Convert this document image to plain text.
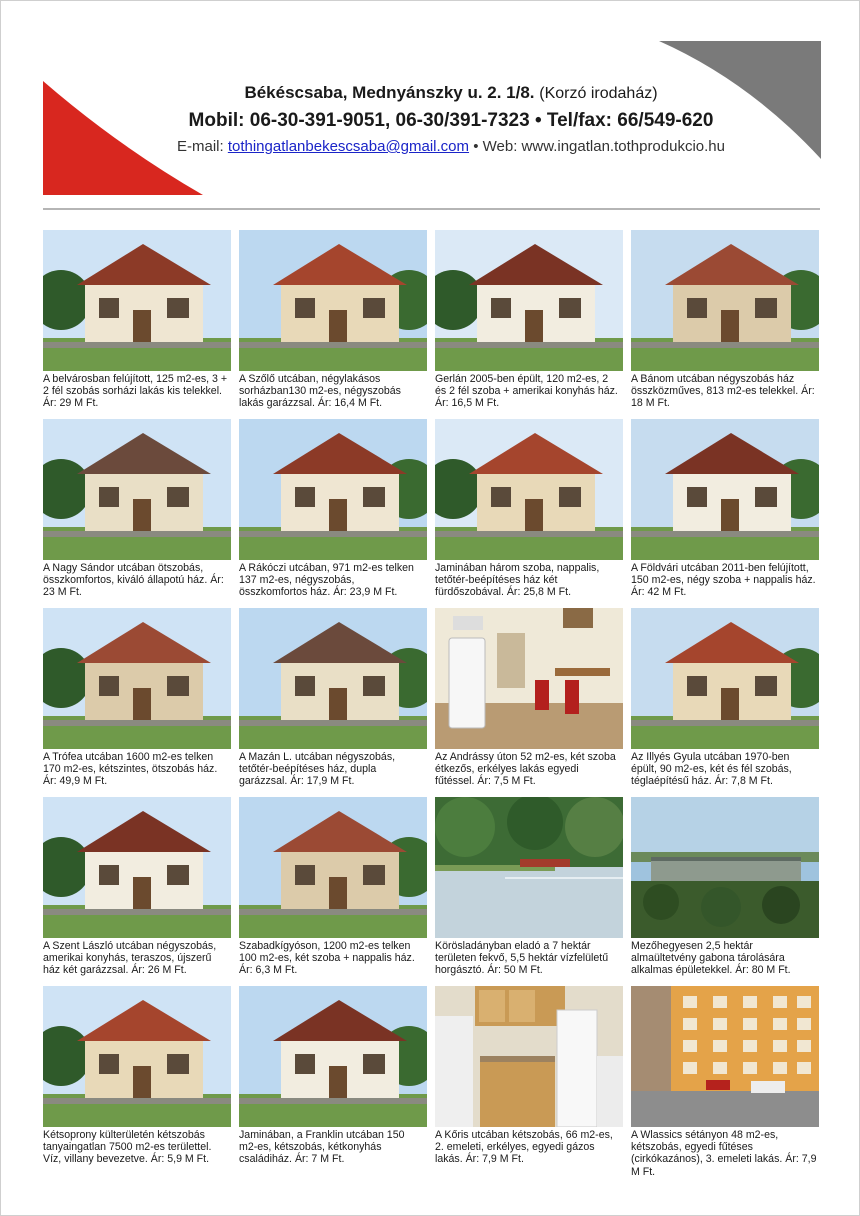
Békéscsaba, Mednyánszky u. 2. 1/8. (Korzó irodaház)
Mobil: 06-30-391-9051, 06-30/391-7323 • Tel/fax: 66/549-620
E-mail: tothingatlanbekescsaba@gmail.com • Web: www.ingatlan.tothprodukcio.hu
A belvárosban felújított, 125 m2-es, 3 + 2 fél szobás sorházi lakás kis telekkel. Ár: 29 M Ft.
A Szőlő utcában, négylakásos sorházban130 m2-es, négyszobás lakás garázzsal. Ár: 16,4 M Ft.
Gerlán 2005-ben épült, 120 m2-es, 2 és 2 fél szoba + amerikai konyhás ház. Ár: 16,5 M Ft.
A Bánom utcában négyszobás ház összközműves, 813 m2-es telekkel. Ár: 18 M Ft.
A Nagy Sándor utcában ötszobás, összkomfortos, kiváló állapotú ház. Ár: 23 M Ft.
A Rákóczi utcában, 971 m2-es telken 137 m2-es, négyszobás, összkomfortos ház. Ár: 23,9 M Ft.
Jaminában három szoba, nappalis, tetőtér-beépítéses ház két fürdőszobával. Ár: 25,8 M Ft.
A Földvári utcában 2011-ben felújított, 150 m2-es, négy szoba + nappalis ház. Ár: 42 M Ft.
A Trófea utcában 1600 m2-es telken 170 m2-es, kétszintes, ötszobás ház. Ár: 49,9 M Ft.
A Mazán L. utcában négyszobás, tetőtér-beépítéses ház, dupla garázzsal. Ár: 17,9 M Ft.
Az Andrássy úton 52 m2-es, két szoba étkezős, erkélyes lakás egyedi fűtéssel. Ár: 7,5 M Ft.
Az Illyés Gyula utcában 1970-ben épült, 90 m2-es, két és fél szobás, téglaépítésű ház. Ár: 7,8 M Ft.
A Szent László utcában négyszobás, amerikai konyhás, teraszos, újszerű ház két garázzsal. Ár: 26 M Ft.
Szabadkígyóson, 1200 m2-es telken 100 m2-es, két szoba + nappalis ház. Ár: 6,3 M Ft.
Körösladányban eladó a 7 hektár területen fekvő, 5,5 hektár vízfelületű horgásztó. Ár: 50 M Ft.
Mezőhegyesen 2,5 hektár almaültetvény gabona tárolására alkalmas épületekkel. Ár: 80 M Ft.
Kétsoprony külterületén kétszobás tanyaingatlan 7500 m2-es területtel. Víz, villany bevezetve. Ár: 5,9 M Ft.
Jaminában, a Franklin utcában 150 m2-es, kétszobás, kétkonyhás családiház. Ár: 7 M Ft.
A Kőris utcában kétszobás, 66 m2-es, 2. emeleti, erkélyes, egyedi gázos lakás. Ár: 7,9 M Ft.
A Wlassics sétányon 48 m2-es, kétszobás, egyedi fűtéses (cirkókazános), 3. emeleti lakás. Ár: 7,9 M Ft.
